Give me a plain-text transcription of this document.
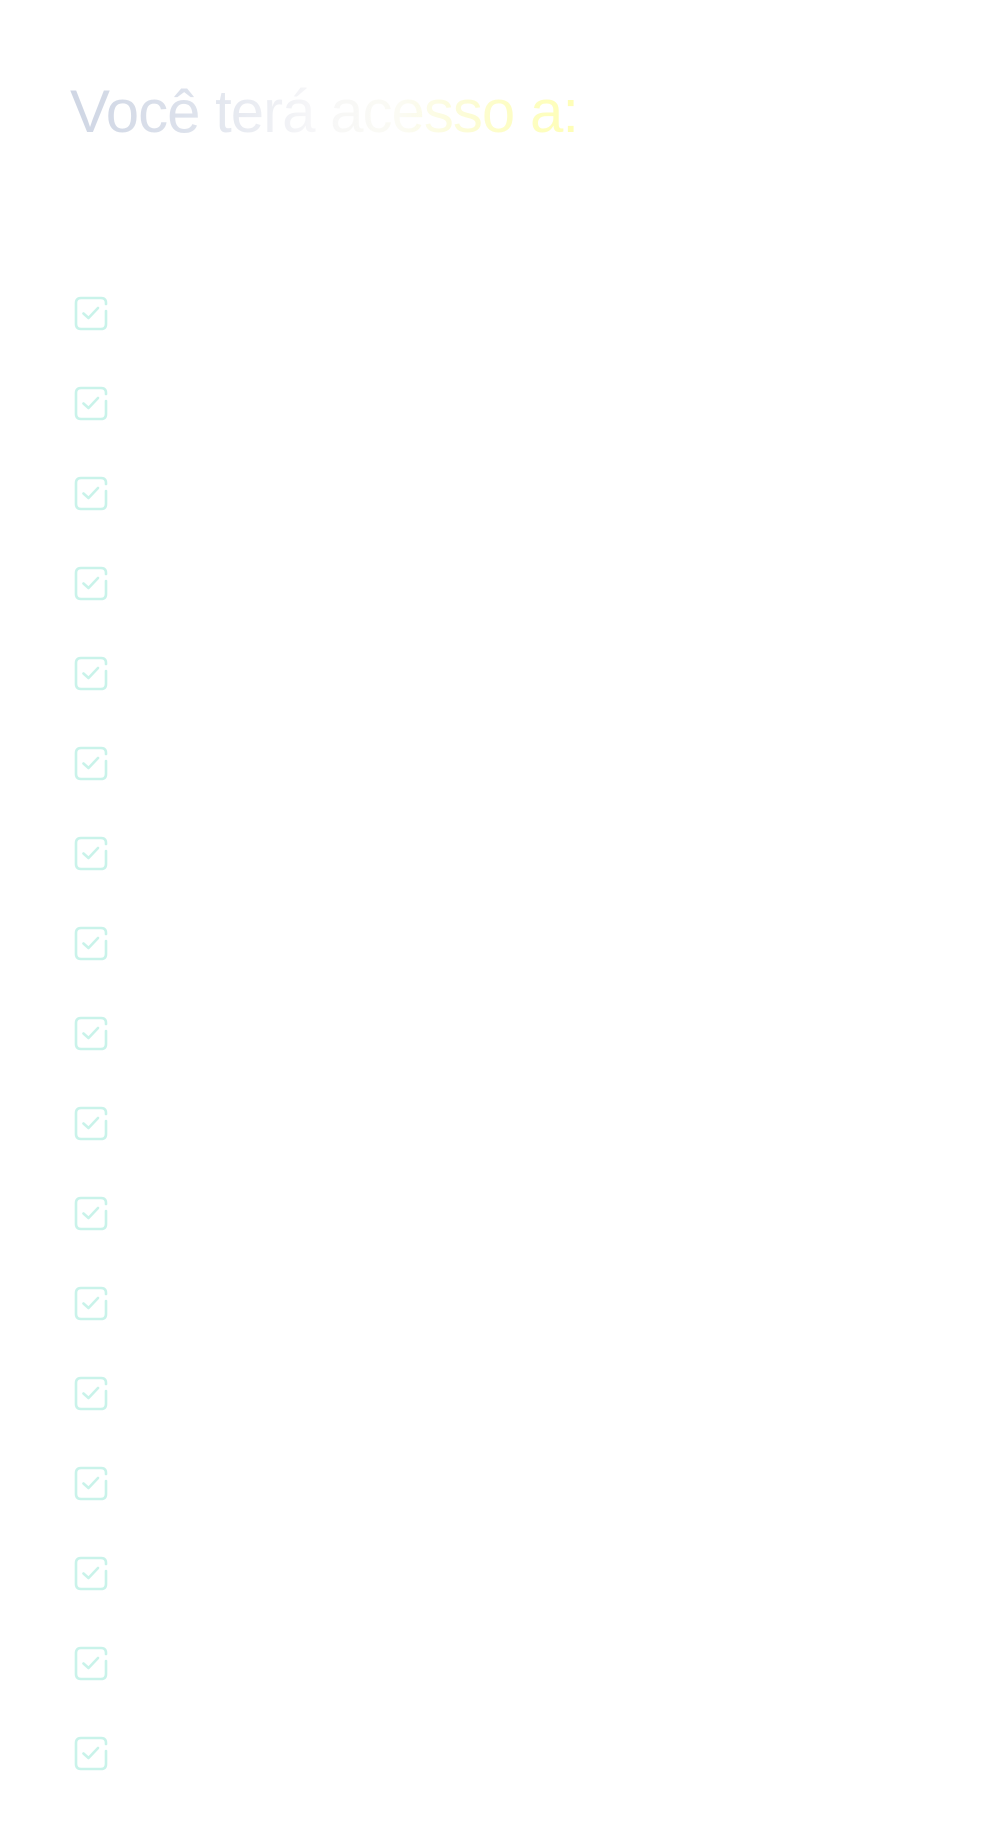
Você terá acesso a:
